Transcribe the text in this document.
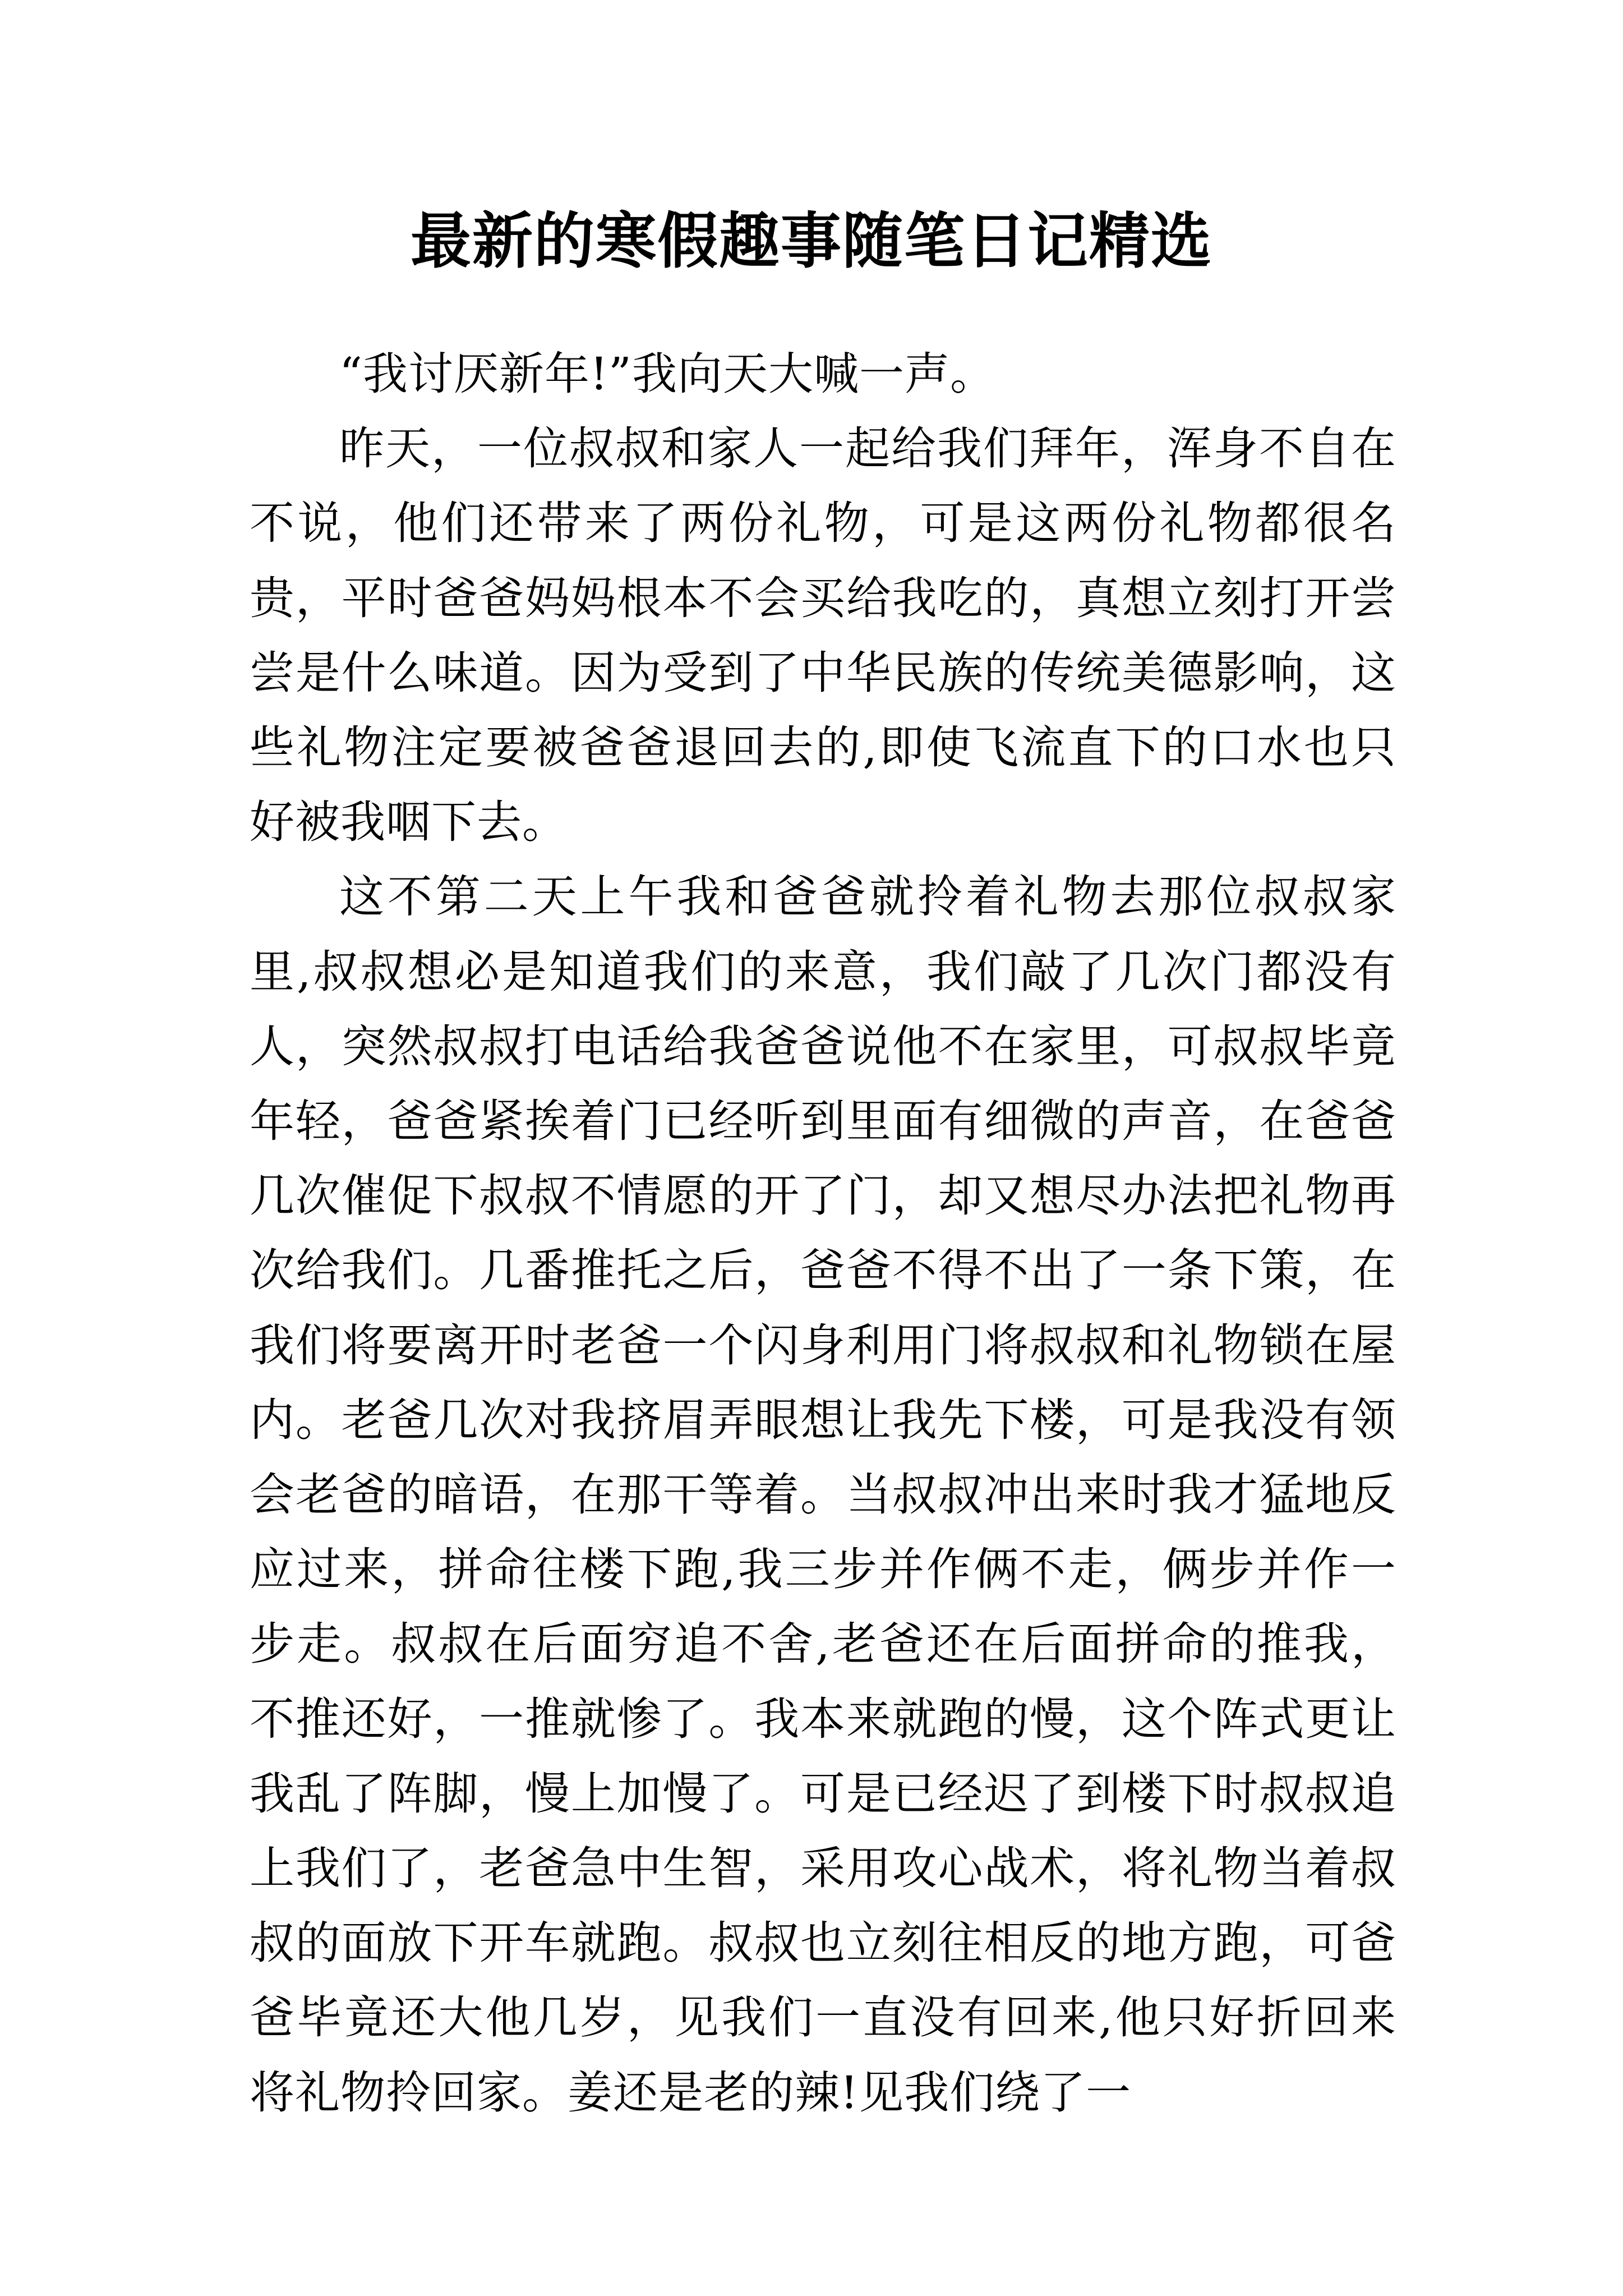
最新的寒假趣事随笔日记精选

“我讨厌新年!”我向天大喊一声。

昨天，一位叔叔和家人一起给我们拜年，浑身不自在不说，他们还带来了两份礼物，可是这两份礼物都很名贵，平时爸爸妈妈根本不会买给我吃的，真想立刻打开尝尝是什么味道。因为受到了中华民族的传统美德影响，这些礼物注定要被爸爸退回去的,即使飞流直下的口水也只好被我咽下去。

这不第二天上午我和爸爸就拎着礼物去那位叔叔家里,叔叔想必是知道我们的来意，我们敲了几次门都没有人，突然叔叔打电话给我爸爸说他不在家里，可叔叔毕竟年轻，爸爸紧挨着门已经听到里面有细微的声音，在爸爸几次催促下叔叔不情愿的开了门，却又想尽办法把礼物再次给我们。几番推托之后，爸爸不得不出了一条下策，在我们将要离开时老爸一个闪身利用门将叔叔和礼物锁在屋内。老爸几次对我挤眉弄眼想让我先下楼，可是我没有领会老爸的暗语，在那干等着。当叔叔冲出来时我才猛地反应过来，拼命往楼下跑,我三步并作俩不走，俩步并作一步走。叔叔在后面穷追不舍,老爸还在后面拼命的推我，不推还好，一推就惨了。我本来就跑的慢，这个阵式更让我乱了阵脚，慢上加慢了。可是已经迟了到楼下时叔叔追上我们了，老爸急中生智，采用攻心战术，将礼物当着叔叔的面放下开车就跑。叔叔也立刻往相反的地方跑，可爸爸毕竟还大他几岁，见我们一直没有回来,他只好折回来将礼物拎回家。姜还是老的辣!见我们绕了一
